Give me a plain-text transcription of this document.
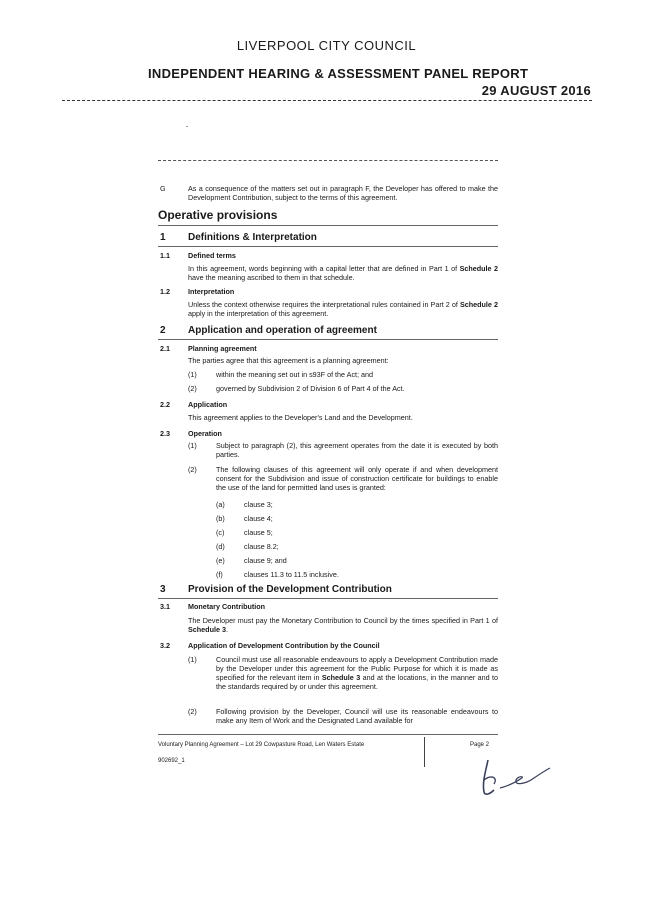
LIVERPOOL CITY COUNCIL
INDEPENDENT HEARING & ASSESSMENT PANEL REPORT
29 AUGUST 2016
G	As a consequence of the matters set out in paragraph F, the Developer has offered to make the Development Contribution, subject to the terms of this agreement.
Operative provisions
1 Definitions & Interpretation
1.1	Defined terms
In this agreement, words beginning with a capital letter that are defined in Part 1 of Schedule 2 have the meaning ascribed to them in that schedule.
1.2	Interpretation
Unless the context otherwise requires the interpretational rules contained in Part 2 of Schedule 2 apply in the interpretation of this agreement.
2 Application and operation of agreement
2.1	Planning agreement
The parties agree that this agreement is a planning agreement:
(1)	within the meaning set out in s93F of the Act; and
(2)	governed by Subdivision 2 of Division 6 of Part 4 of the Act.
2.2	Application
This agreement applies to the Developer's Land and the Development.
2.3	Operation
(1)	Subject to paragraph (2), this agreement operates from the date it is executed by both parties.
(2)	The following clauses of this agreement will only operate if and when development consent for the Subdivision and issue of construction certificate for buildings to enable the use of the land for permitted land uses is granted:
(a)	clause 3;
(b)	clause 4;
(c)	clause 5;
(d)	clause 8.2;
(e)	clause 9; and
(f)	clauses 11.3 to 11.5 inclusive.
3 Provision of the Development Contribution
3.1	Monetary Contribution
The Developer must pay the Monetary Contribution to Council by the times specified in Part 1 of Schedule 3.
3.2	Application of Development Contribution by the Council
(1)	Council must use all reasonable endeavours to apply a Development Contribution made by the Developer under this agreement for the Public Purpose for which it is made as specified for the relevant item in Schedule 3 and at the locations, in the manner and to the standards required by or under this agreement.
(2)	Following provision by the Developer, Council will use its reasonable endeavours to make any Item of Work and the Designated Land available for
Voluntary Planning Agreement – Lot 29 Cowpasture Road, Len Waters Estate
902692_1
Page 2
